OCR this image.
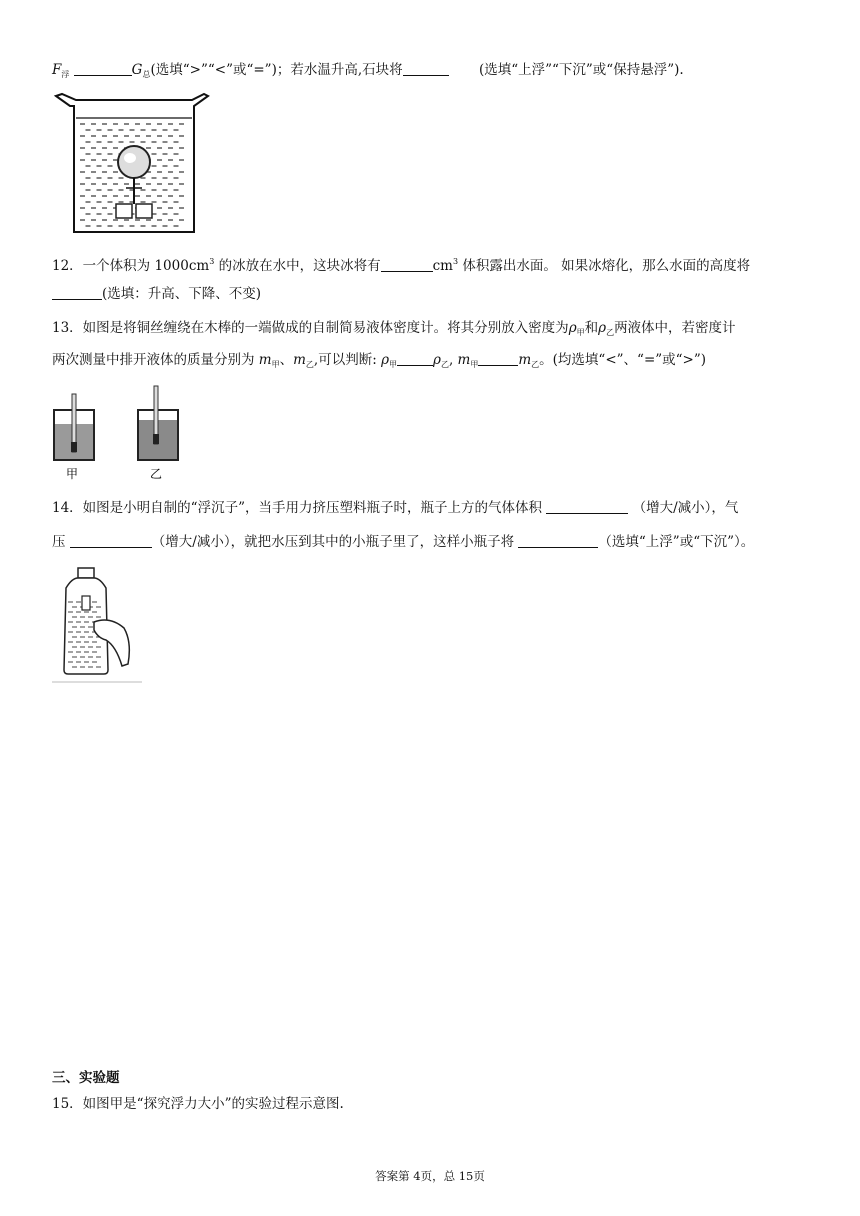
$F_浮$	$G_总$(选填“>”“<”或“=”)；若水温升高,石块将	(选填“上浮”“下沉”或“保持悬浮”).
12．一个体积为 $1000cm^3$ 的冰放在水中，这块冰将有	$cm^3$ 体积露出水面。 如果冰熔化，那么水面的高度将
(选填：升高、下降、不变)
13．如图是将铜丝缠绕在木棒的一端做成的自制简易液体密度计。将其分别放入密度为$\rho_甲$和$\rho_乙$两液体中，若密度计
两次测量中排开液体的质量分别为 $m_甲$、$m_乙$,可以判断: $\rho_甲$	$\rho_乙$, $m_甲$	$m_乙$。(均选填“<”、“=”或“>”)
甲	乙
14．如图是小明自制的“浮沉子”，当手用力挤压塑料瓶子时，瓶子上方的气体体积	（增大/减小），气
压	（增大/减小），就把水压到其中的小瓶子里了，这样小瓶子将	（选填“上浮”或“下沉”）。
三、实验题
15．如图甲是“探究浮力大小”的实验过程示意图.
答案第 4页，总 15页
